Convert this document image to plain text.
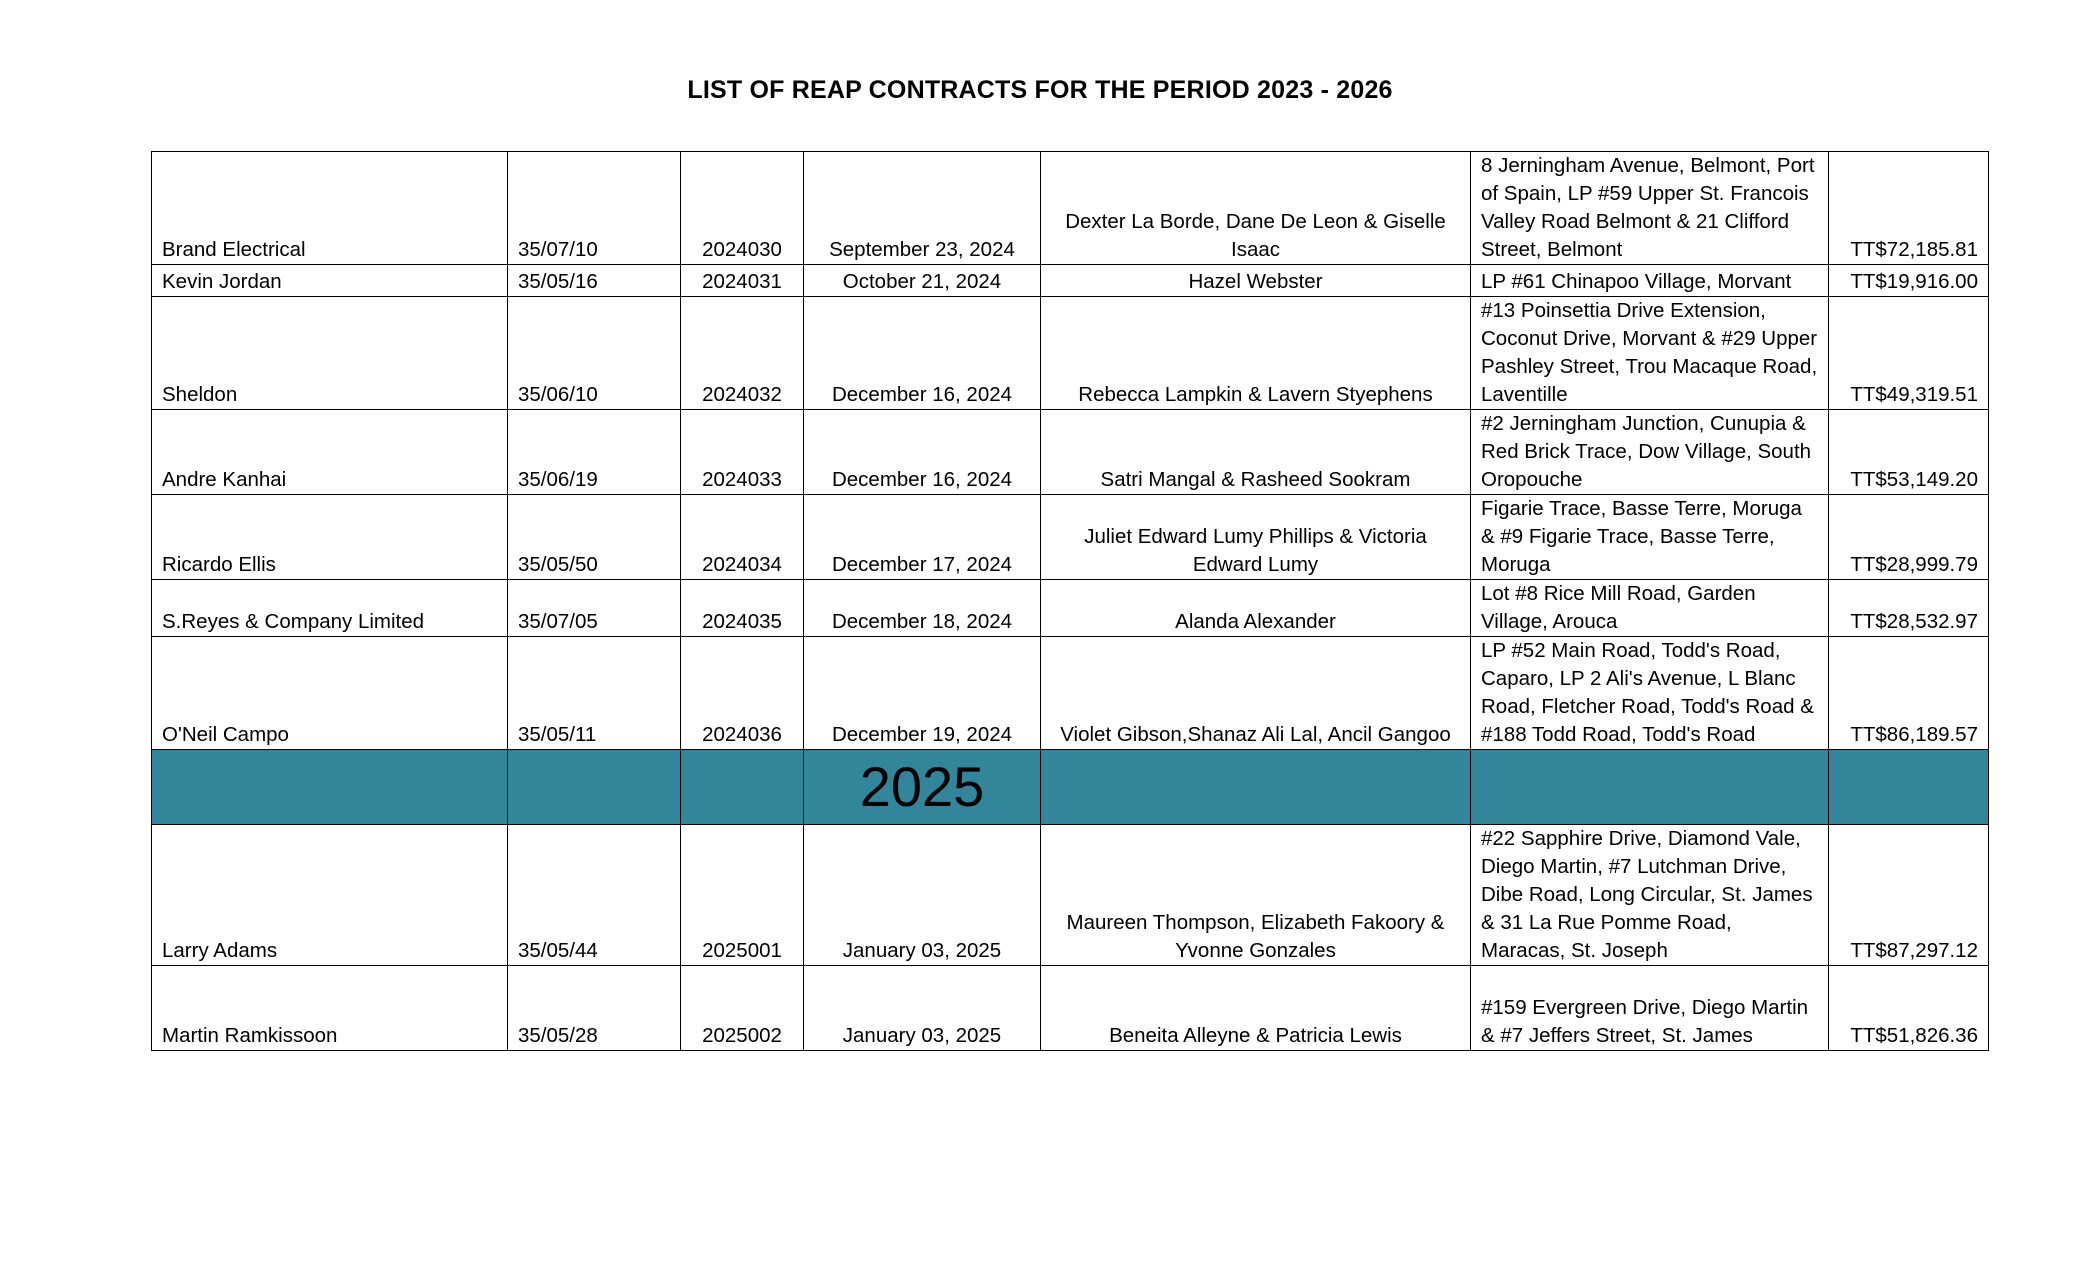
LIST OF REAP CONTRACTS FOR THE PERIOD 2023 - 2026
Brand Electrical	35/07/10	2024030	September 23, 2024	Dexter La Borde, Dane De Leon & Giselle Isaac	8 Jerningham Avenue, Belmont, Port of Spain, LP #59 Upper St. Francois Valley Road Belmont & 21 Clifford Street, Belmont	TT$72,185.81
Kevin Jordan	35/05/16	2024031	October 21, 2024	Hazel Webster	LP #61 Chinapoo Village, Morvant	TT$19,916.00
Sheldon	35/06/10	2024032	December 16, 2024	Rebecca Lampkin & Lavern Styephens	#13 Poinsettia Drive Extension, Coconut Drive, Morvant & #29 Upper Pashley Street, Trou Macaque Road, Laventille	TT$49,319.51
Andre Kanhai	35/06/19	2024033	December 16, 2024	Satri Mangal & Rasheed Sookram	#2 Jerningham Junction, Cunupia & Red Brick Trace, Dow Village, South Oropouche	TT$53,149.20
Ricardo Ellis	35/05/50	2024034	December 17, 2024	Juliet Edward Lumy Phillips & Victoria Edward Lumy	Figarie Trace, Basse Terre, Moruga & #9 Figarie Trace, Basse Terre, Moruga	TT$28,999.79
S.Reyes & Company Limited	35/07/05	2024035	December 18, 2024	Alanda Alexander	Lot #8 Rice Mill Road, Garden Village, Arouca	TT$28,532.97
O'Neil Campo	35/05/11	2024036	December 19, 2024	Violet Gibson,Shanaz Ali Lal, Ancil Gangoo	LP #52 Main Road, Todd's Road, Caparo, LP 2 Ali's Avenue, L Blanc Road, Fletcher Road, Todd's Road & #188 Todd Road, Todd's Road	TT$86,189.57
			2025			
Larry Adams	35/05/44	2025001	January 03, 2025	Maureen Thompson, Elizabeth Fakoory & Yvonne Gonzales	#22 Sapphire Drive, Diamond Vale, Diego Martin, #7 Lutchman Drive, Dibe Road, Long Circular, St. James & 31 La Rue Pomme Road, Maracas, St. Joseph	TT$87,297.12
Martin Ramkissoon	35/05/28	2025002	January 03, 2025	Beneita Alleyne & Patricia Lewis	#159 Evergreen Drive, Diego Martin & #7 Jeffers Street, St. James	TT$51,826.36
